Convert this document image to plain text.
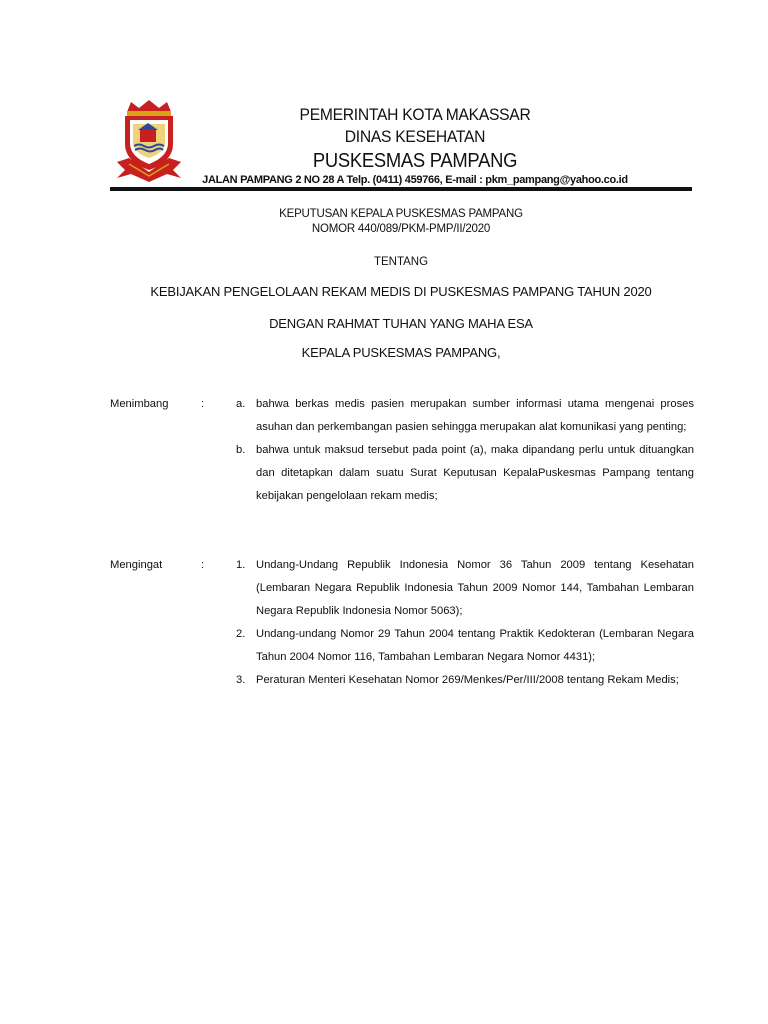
PEMERINTAH KOTA MAKASSAR
DINAS KESEHATAN
PUSKESMAS PAMPANG
JALAN PAMPANG 2 NO 28 A Telp. (0411) 459766, E-mail : pkm_pampang@yahoo.co.id
KEPUTUSAN KEPALA PUSKESMAS PAMPANG
NOMOR 440/089/PKM-PMP/II/2020
TENTANG
KEBIJAKAN PENGELOLAAN REKAM MEDIS DI PUSKESMAS PAMPANG TAHUN 2020
DENGAN RAHMAT TUHAN YANG MAHA ESA
KEPALA PUSKESMAS PAMPANG,
Menimbang	:	a. bahwa berkas medis pasien merupakan sumber informasi utama mengenai proses asuhan dan perkembangan pasien sehingga merupakan alat komunikasi yang penting;
b. bahwa untuk maksud tersebut pada point (a), maka dipandang perlu untuk dituangkan dan ditetapkan dalam suatu Surat Keputusan KepalaPuskesmas Pampang tentang kebijakan pengelolaan rekam medis;
Mengingat	:	1. Undang-Undang Republik Indonesia Nomor 36 Tahun 2009 tentang Kesehatan (Lembaran Negara Republik Indonesia Tahun 2009 Nomor 144, Tambahan Lembaran Negara Republik Indonesia Nomor 5063);
2. Undang-undang Nomor 29 Tahun 2004 tentang Praktik Kedokteran (Lembaran Negara Tahun 2004 Nomor 116, Tambahan Lembaran Negara Nomor 4431);
3. Peraturan Menteri Kesehatan Nomor 269/Menkes/Per/III/2008 tentang Rekam Medis;
